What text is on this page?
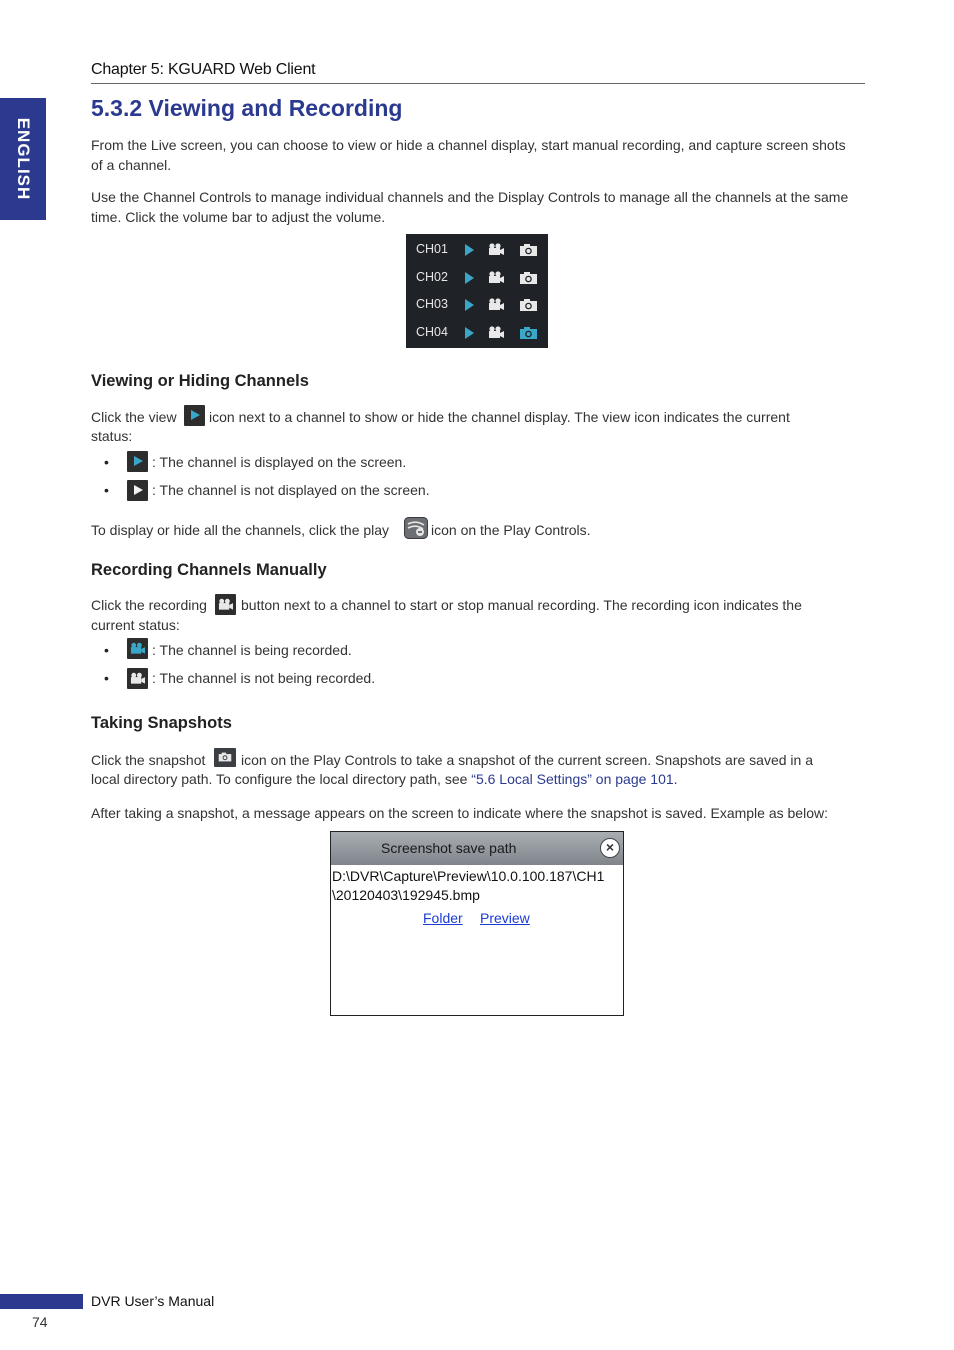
Chapter 5: KGUARD Web Client
ENGLISH
5.3.2 Viewing and Recording
From the Live screen, you can choose to view or hide a channel display, start manual recording, and capture screen shots of a channel.
Use the Channel Controls to manage individual channels and the Display Controls to manage all the channels at the same time. Click the volume bar to adjust the volume.
CH01
CH02
CH03
CH04
Viewing or Hiding Channels
Click the view icon next to a channel to show or hide the channel display. The view icon indicates the current
status:
•	: The channel is displayed on the screen.
•	: The channel is not displayed on the screen.
To display or hide all the channels, click the play	icon on the Play Controls.
Recording Channels Manually
Click the recording button next to a channel to start or stop manual recording. The recording icon indicates the
current status:
•	: The channel is being recorded.
•	: The channel is not being recorded.
Taking Snapshots
Click the snapshot	icon on the Play Controls to take a snapshot of the current screen. Snapshots are saved in a
local directory path. To configure the local directory path, see “5.6 Local Settings” on page 101.
After taking a snapshot, a message appears on the screen to indicate where the snapshot is saved. Example as below:
Screenshot save path	×
D:\DVR\Capture\Preview\10.0.100.187\CH1
\20120403\192945.bmp
Folder Preview
DVR User’s Manual
74
